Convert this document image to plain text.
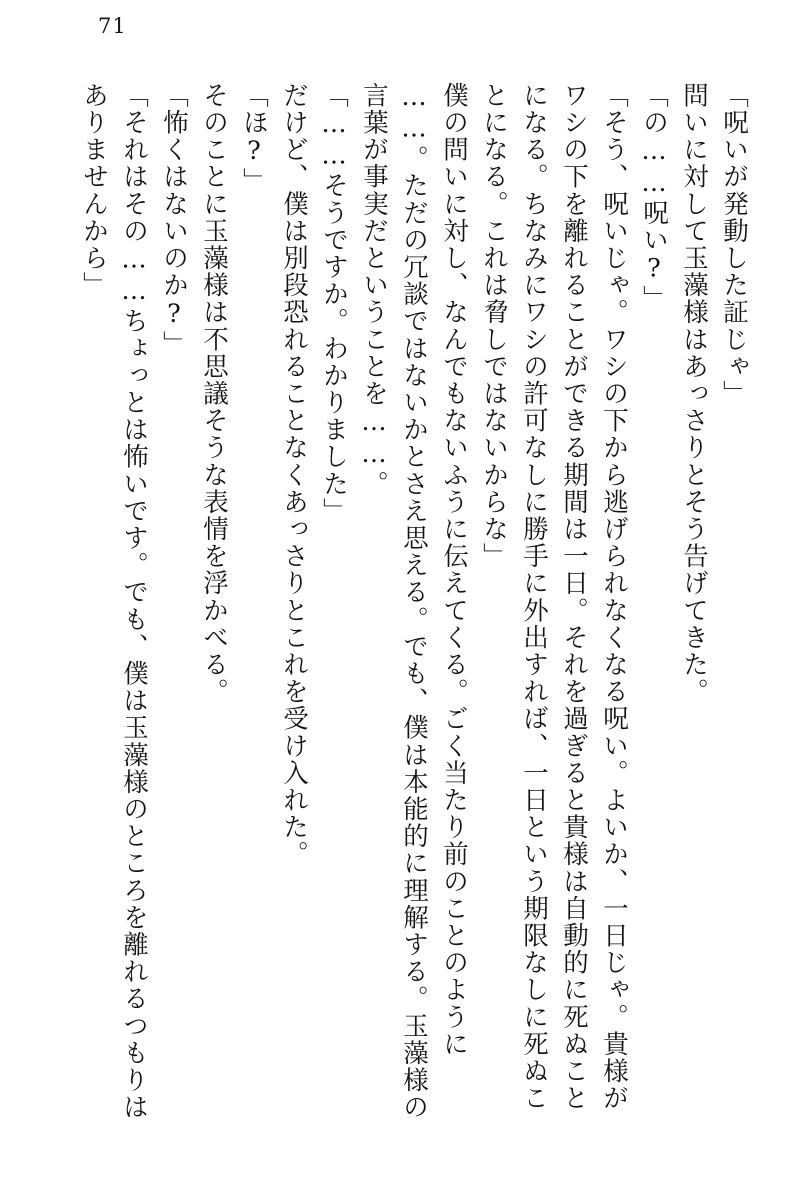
71
「呪いが発動した証じゃ」
問いに対して玉藻様はあっさりとそう告げてきた。
「の……呪い?」
「そう、呪いじゃ。ワシの下から逃げられなくなる呪い。よいか、一日じゃ。貴様が
ワシの下を離れることができる期間は一日。それを過ぎると貴様は自動的に死ぬこと
になる。ちなみにワシの許可なしに勝手に外出すれば、一日という期限なしに死ぬこ
とになる。これは脅しではないからな」
僕の問いに対し、なんでもないふうに伝えてくる。ごく当たり前のことのように
……。ただの冗談ではないかとさえ思える。でも、僕は本能的に理解する。玉藻様の
言葉が事実だということを……。
「……そうですか。わかりました」
だけど、僕は別段恐れることなくあっさりとこれを受け入れた。
「ほ?」
そのことに玉藻様は不思議そうな表情を浮かべる。
「怖くはないのか?」
「それはその……ちょっとは怖いです。でも、僕は玉藻様のところを離れるつもりは
ありませんから」
